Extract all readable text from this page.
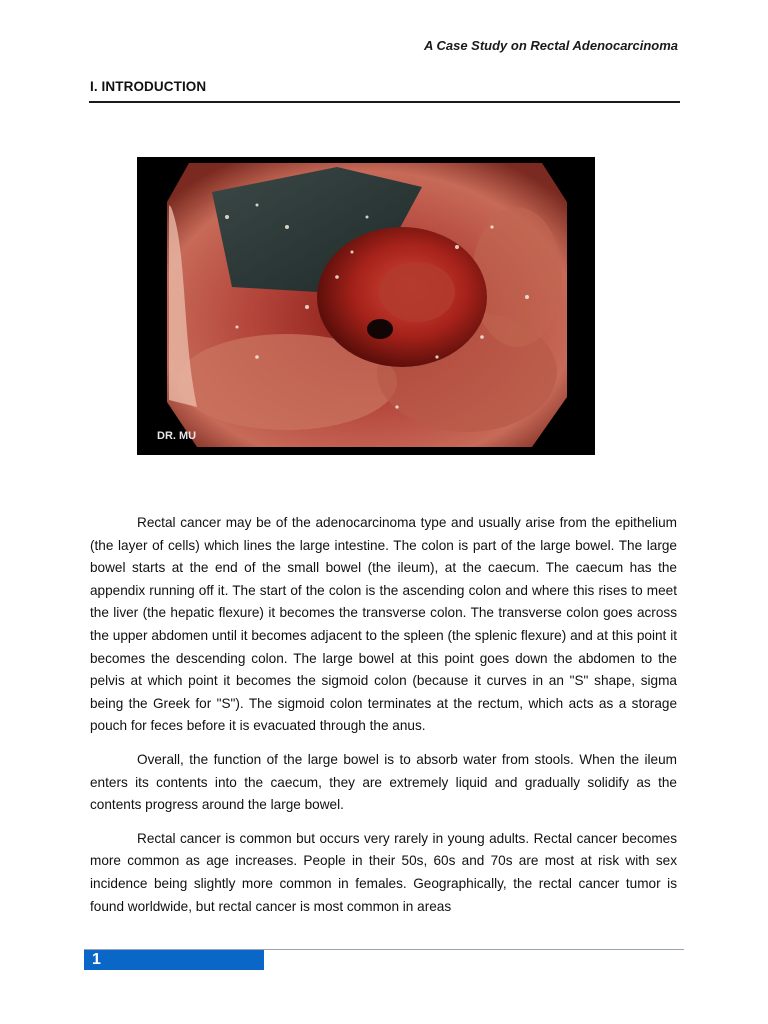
A Case Study on Rectal Adenocarcinoma
I. INTRODUCTION
DR. MU

Rectal cancer may be of the adenocarcinoma type and usually arise from the epithelium (the layer of cells) which lines the large intestine. The colon is part of the large bowel. The large bowel starts at the end of the small bowel (the ileum), at the caecum. The caecum has the appendix running off it. The start of the colon is the ascending colon and where this rises to meet the liver (the hepatic flexure) it becomes the transverse colon. The transverse colon goes across the upper abdomen until it becomes adjacent to the spleen (the splenic flexure) and at this point it becomes the descending colon. The large bowel at this point goes down the abdomen to the pelvis at which point it becomes the sigmoid colon (because it curves in an "S" shape, sigma being the Greek for "S"). The sigmoid colon terminates at the rectum, which acts as a storage pouch for feces before it is evacuated through the anus.

Overall, the function of the large bowel is to absorb water from stools. When the ileum enters its contents into the caecum, they are extremely liquid and gradually solidify as the contents progress around the large bowel.

Rectal cancer is common but occurs very rarely in young adults. Rectal cancer becomes more common as age increases. People in their 50s, 60s and 70s are most at risk with sex incidence being slightly more common in females. Geographically, the rectal cancer tumor is found worldwide, but rectal cancer is most common in areas

1
